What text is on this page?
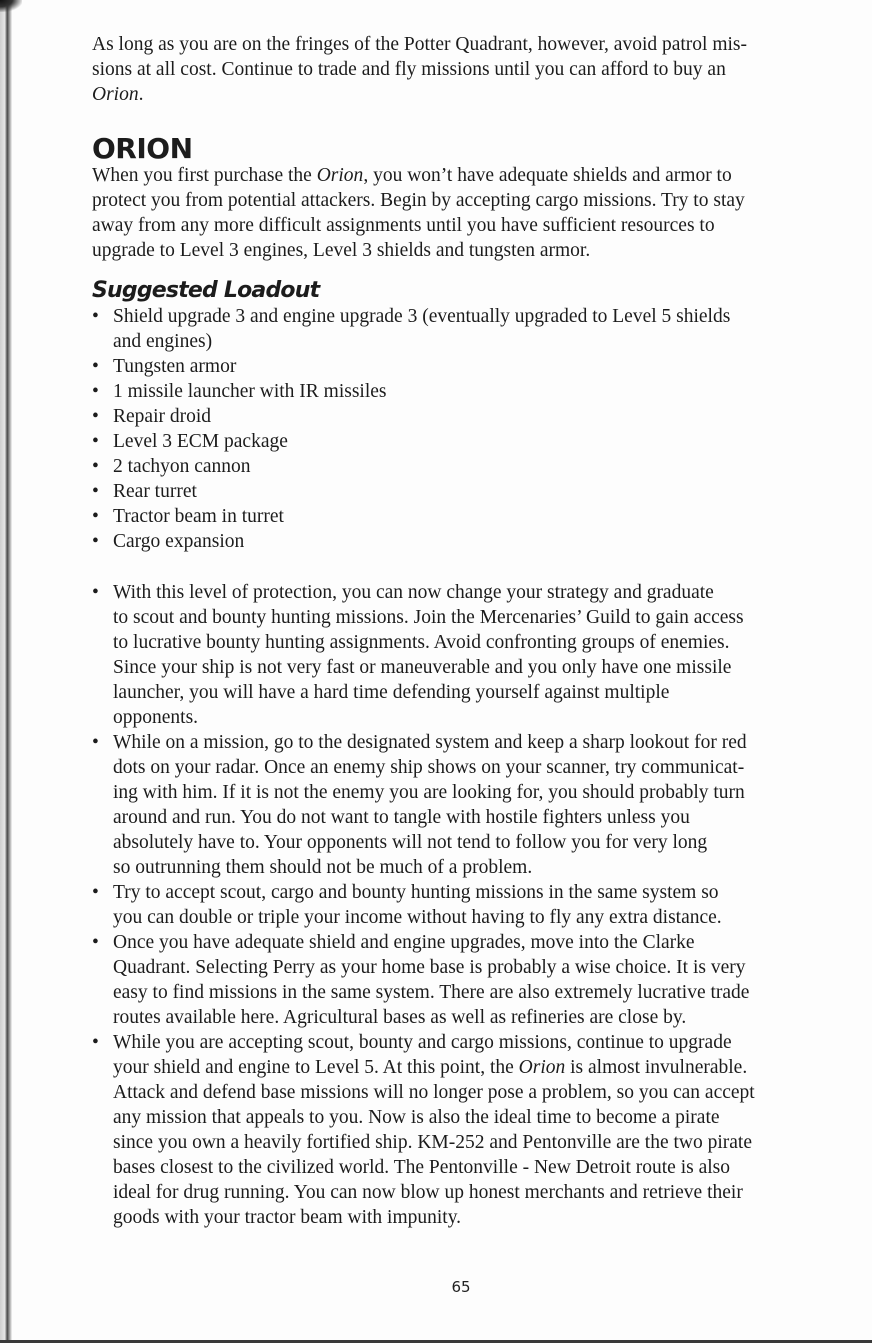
As long as you are on the fringes of the Potter Quadrant, however, avoid patrol mis-
sions at all cost. Continue to trade and fly missions until you can afford to buy an
Orion.

ORION

When you first purchase the Orion, you won’t have adequate shields and armor to
protect you from potential attackers. Begin by accepting cargo missions. Try to stay
away from any more difficult assignments until you have sufficient resources to
upgrade to Level 3 engines, Level 3 shields and tungsten armor.

Suggested Loadout
• Shield upgrade 3 and engine upgrade 3 (eventually upgraded to Level 5 shields
and engines)
• Tungsten armor
• 1 missile launcher with IR missiles
• Repair droid
• Level 3 ECM package
• 2 tachyon cannon
• Rear turret
• Tractor beam in turret
• Cargo expansion
• With this level of protection, you can now change your strategy and graduate
to scout and bounty hunting missions. Join the Mercenaries’ Guild to gain access
to lucrative bounty hunting assignments. Avoid confronting groups of enemies.
Since your ship is not very fast or maneuverable and you only have one missile
launcher, you will have a hard time defending yourself against multiple
opponents.
• While on a mission, go to the designated system and keep a sharp lookout for red
dots on your radar. Once an enemy ship shows on your scanner, try communicat-
ing with him. If it is not the enemy you are looking for, you should probably turn
around and run. You do not want to tangle with hostile fighters unless you
absolutely have to. Your opponents will not tend to follow you for very long
so outrunning them should not be much of a problem.
• Try to accept scout, cargo and bounty hunting missions in the same system so
you can double or triple your income without having to fly any extra distance.
• Once you have adequate shield and engine upgrades, move into the Clarke
Quadrant. Selecting Perry as your home base is probably a wise choice. It is very
easy to find missions in the same system. There are also extremely lucrative trade
routes available here. Agricultural bases as well as refineries are close by.
• While you are accepting scout, bounty and cargo missions, continue to upgrade
your shield and engine to Level 5. At this point, the Orion is almost invulnerable.
Attack and defend base missions will no longer pose a problem, so you can accept
any mission that appeals to you. Now is also the ideal time to become a pirate
since you own a heavily fortified ship. KM-252 and Pentonville are the two pirate
bases closest to the civilized world. The Pentonville - New Detroit route is also
ideal for drug running. You can now blow up honest merchants and retrieve their
goods with your tractor beam with impunity.
65
